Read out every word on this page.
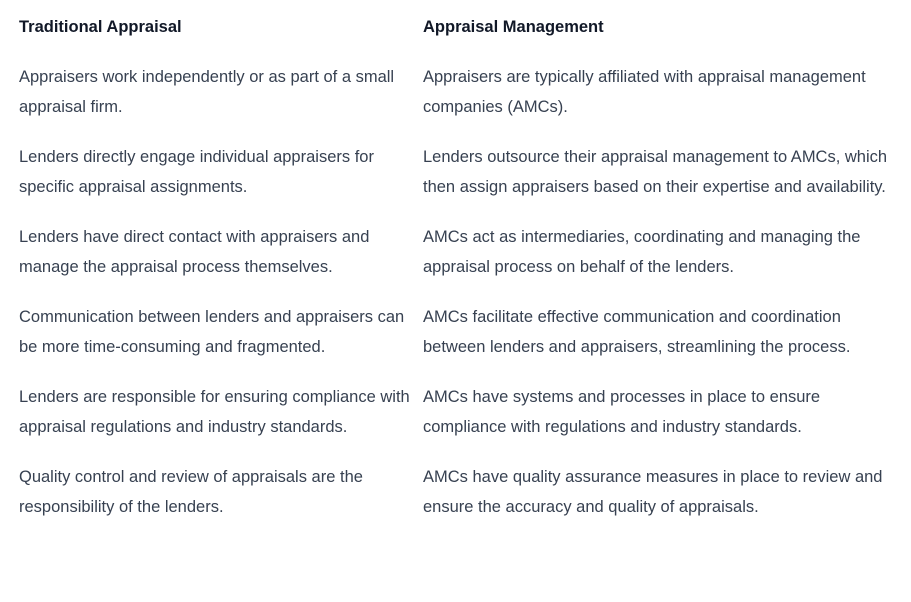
Traditional Appraisal	Appraisal Management
Appraisers work independently or as part of a small appraisal firm.
Appraisers are typically affiliated with appraisal management companies (AMCs).
Lenders directly engage individual appraisers for specific appraisal assignments.
Lenders outsource their appraisal management to AMCs, which then assign appraisers based on their expertise and availability.
Lenders have direct contact with appraisers and manage the appraisal process themselves.
AMCs act as intermediaries, coordinating and managing the appraisal process on behalf of the lenders.
Communication between lenders and appraisers can be more time-consuming and fragmented.
AMCs facilitate effective communication and coordination between lenders and appraisers, streamlining the process.
Lenders are responsible for ensuring compliance with appraisal regulations and industry standards.
AMCs have systems and processes in place to ensure compliance with regulations and industry standards.
Quality control and review of appraisals are the responsibility of the lenders.
AMCs have quality assurance measures in place to review and ensure the accuracy and quality of appraisals.
